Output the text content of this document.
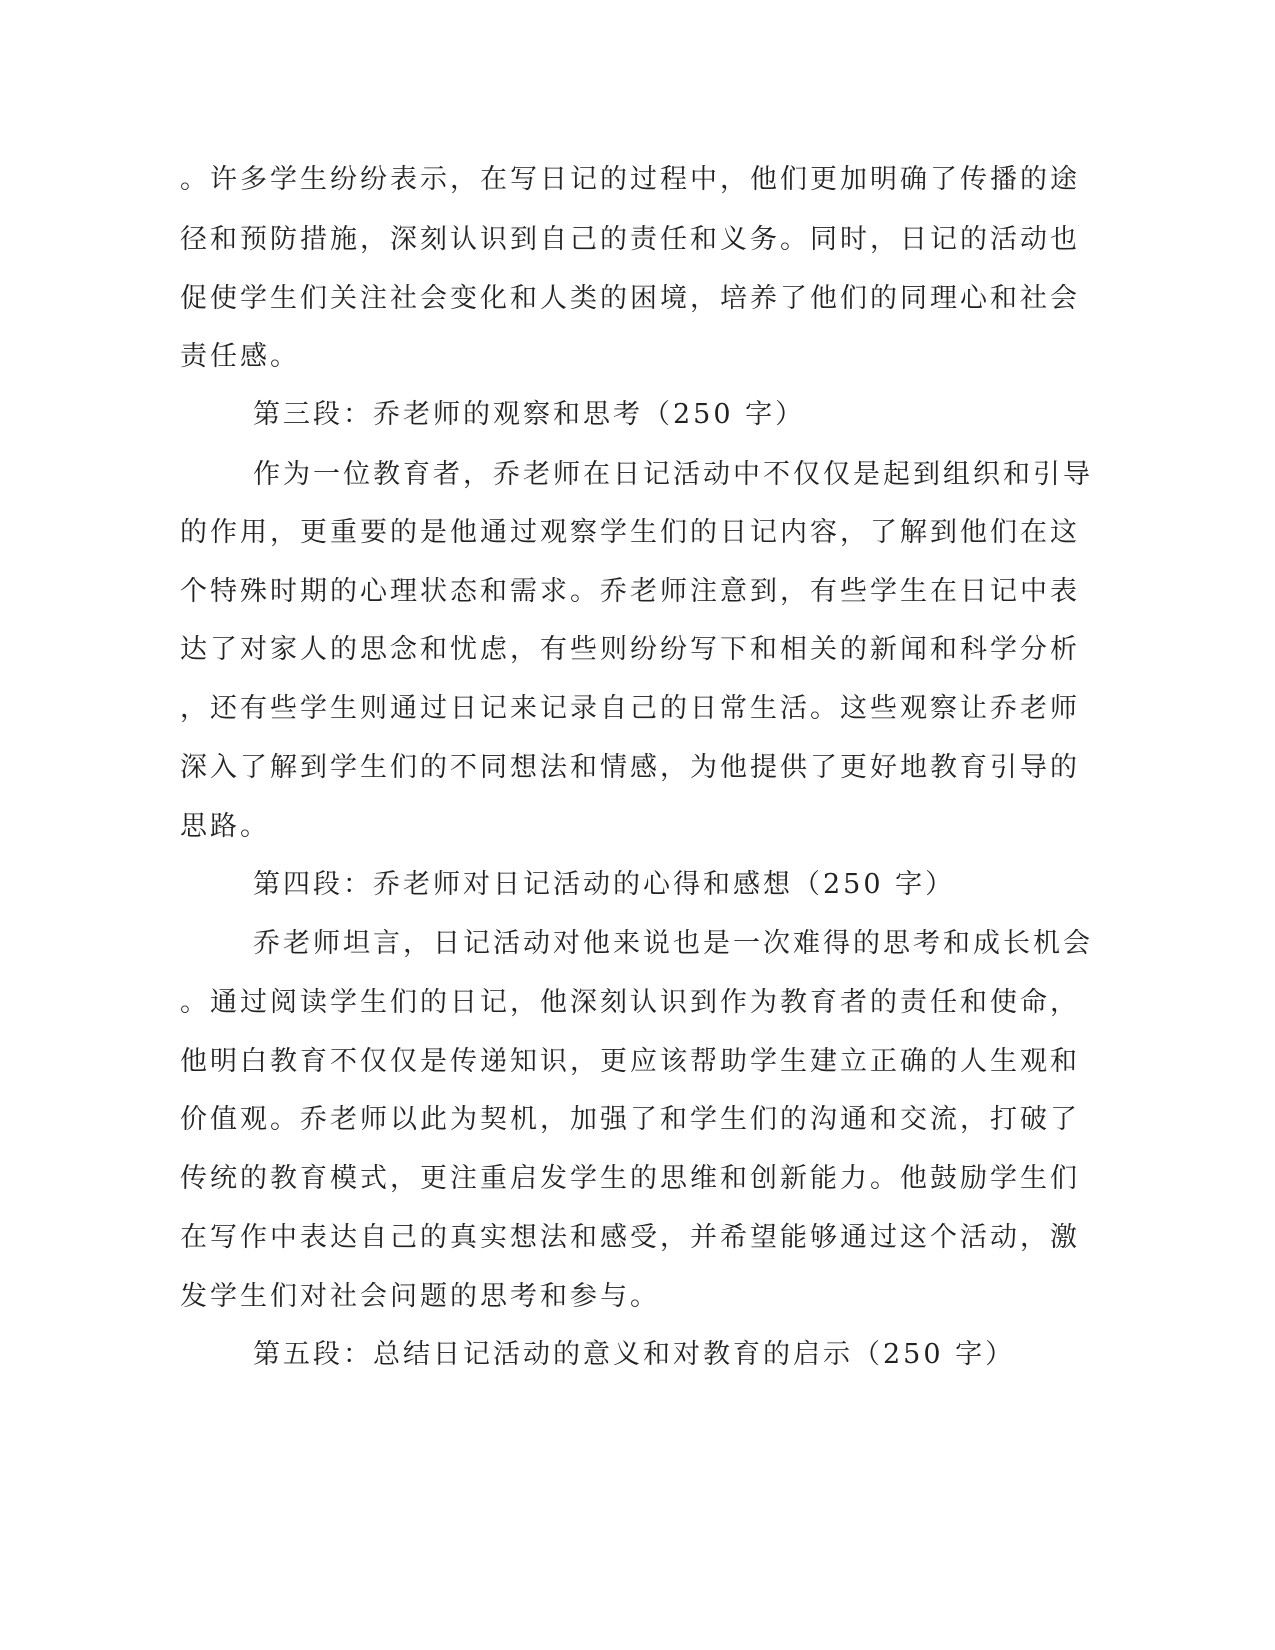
。许多学生纷纷表示，在写日记的过程中，他们更加明确了传播的途
径和预防措施，深刻认识到自己的责任和义务。同时，日记的活动也
促使学生们关注社会变化和人类的困境，培养了他们的同理心和社会
责任感。
第三段：乔老师的观察和思考（250 字）
作为一位教育者，乔老师在日记活动中不仅仅是起到组织和引导
的作用，更重要的是他通过观察学生们的日记内容，了解到他们在这
个特殊时期的心理状态和需求。乔老师注意到，有些学生在日记中表
达了对家人的思念和忧虑，有些则纷纷写下和相关的新闻和科学分析
，还有些学生则通过日记来记录自己的日常生活。这些观察让乔老师
深入了解到学生们的不同想法和情感，为他提供了更好地教育引导的
思路。
第四段：乔老师对日记活动的心得和感想（250 字）
乔老师坦言，日记活动对他来说也是一次难得的思考和成长机会
。通过阅读学生们的日记，他深刻认识到作为教育者的责任和使命，
他明白教育不仅仅是传递知识，更应该帮助学生建立正确的人生观和
价值观。乔老师以此为契机，加强了和学生们的沟通和交流，打破了
传统的教育模式，更注重启发学生的思维和创新能力。他鼓励学生们
在写作中表达自己的真实想法和感受，并希望能够通过这个活动，激
发学生们对社会问题的思考和参与。
第五段：总结日记活动的意义和对教育的启示（250 字）
